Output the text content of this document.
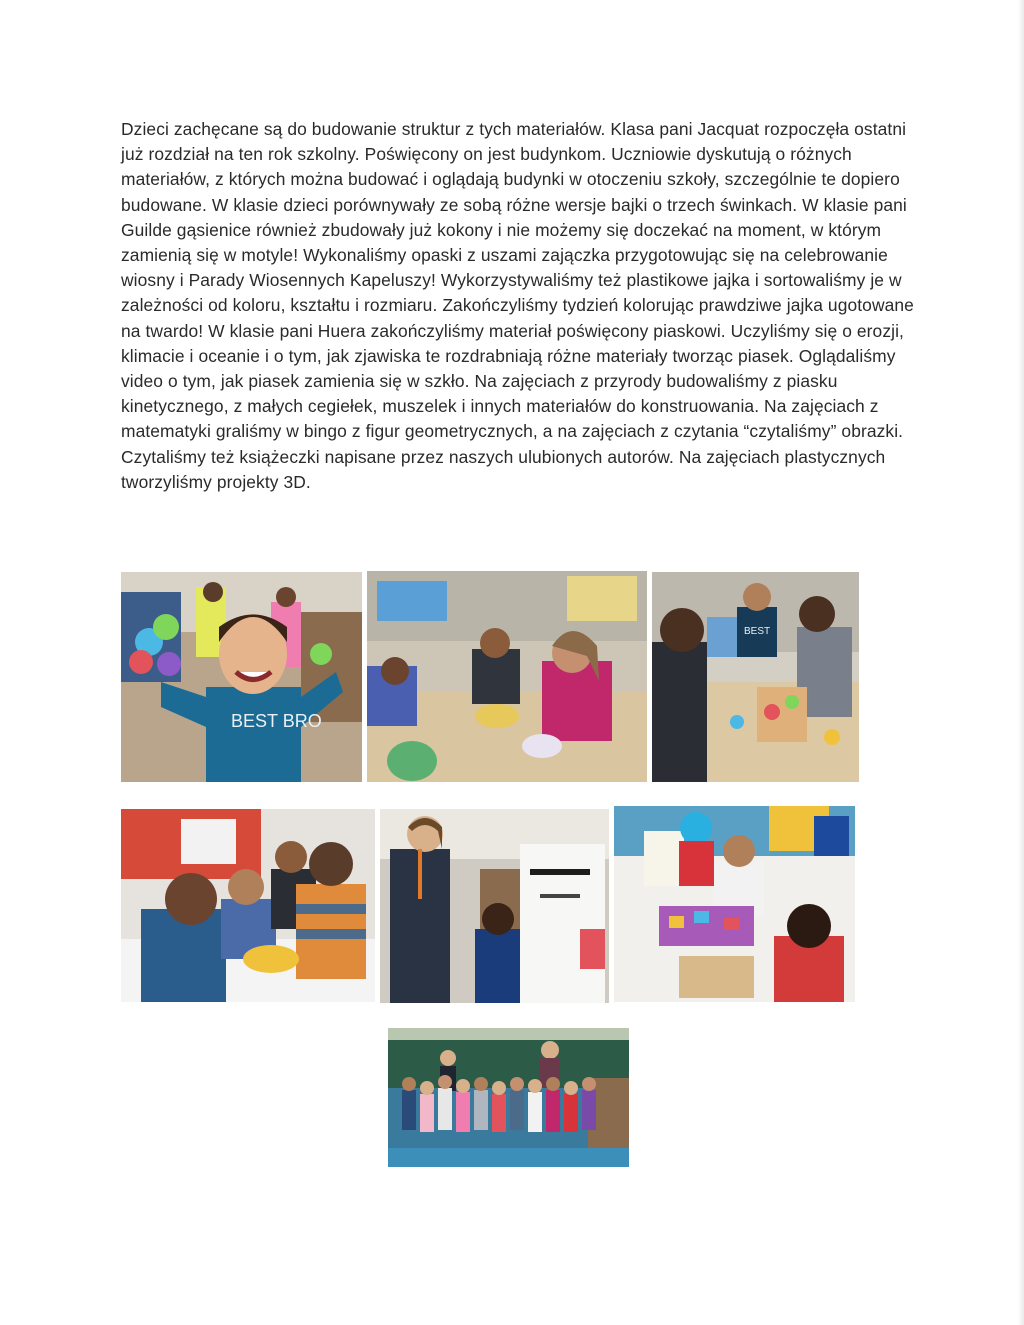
Dzieci zachęcane są do budowanie struktur z tych materiałów. Klasa pani Jacquat rozpoczęła ostatni już rozdział na ten rok szkolny. Poświęcony on jest budynkom. Uczniowie dyskutują o różnych materiałów, z których można budować i oglądają budynki w otoczeniu szkoły, szczególnie te dopiero budowane. W klasie dzieci porównywały ze sobą różne wersje bajki o trzech świnkach. W klasie pani Guilde gąsienice również zbudowały już kokony i nie możemy się doczekać na moment, w którym zamienią się w motyle! Wykonaliśmy opaski z uszami zajączka przygotowując się na celebrowanie wiosny i Parady Wiosennych Kapeluszy! Wykorzystywaliśmy też plastikowe jajka i sortowaliśmy je w zależności od koloru, kształtu i rozmiaru. Zakończyliśmy tydzień kolorując prawdziwe jajka ugotowane na twardo! W klasie pani Huera zakończyliśmy materiał poświęcony piaskowi. Uczyliśmy się o erozji, klimacie i oceanie i o tym, jak zjawiska te rozdrabniają różne materiały tworząc piasek. Oglądaliśmy video o tym, jak piasek zamienia się w szkło. Na zajęciach z przyrody budowaliśmy z piasku kinetycznego, z małych cegiełek, muszelek i innych materiałów do konstruowania. Na zajęciach z matematyki graliśmy w bingo z figur geometrycznych, a na zajęciach z czytania “czytaliśmy” obrazki. Czytaliśmy też książeczki napisane przez naszych ulubionych autorów. Na zajęciach plastycznych tworzyliśmy projekty 3D.

BEST BRO
BEST
